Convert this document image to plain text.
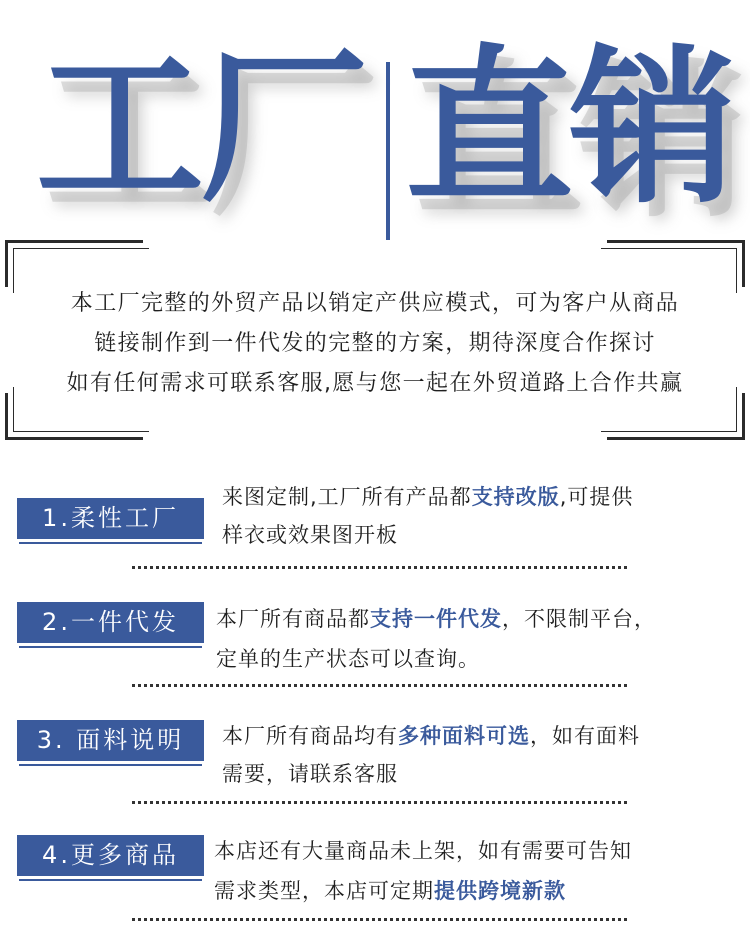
工厂 直销
本工厂完整的外贸产品以销定产供应模式，可为客户从商品
链接制作到一件代发的完整的方案，期待深度合作探讨
如有任何需求可联系客服,愿与您一起在外贸道路上合作共赢
1.柔性工厂
来图定制,工厂所有产品都支持改版,可提供
样衣或效果图开板
2.一件代发	本厂所有商品都支持一件代发，不限制平台，
定单的生产状态可以查询。
3. 面料说明	本厂所有商品均有多种面料可选，如有面料
需要，请联系客服
4.更多商品	本店还有大量商品未上架，如有需要可告知
需求类型，本店可定期提供跨境新款
